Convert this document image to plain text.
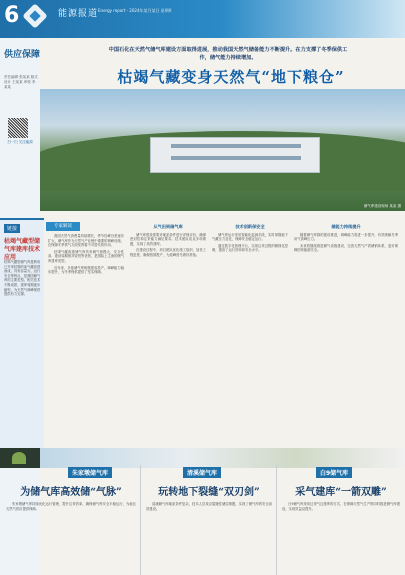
6	能源报道 Energy report · 2024年某月某日 星期X
供应保障
责任编辑 张某某 版式设计 王某某 审校 李某某
扫一扫 关注能源
中国石化在天然气储气库建设方面取得进展，推动我国天然气储备能力不断提升。在力支撑了冬季保供工作，储气能力持续增加。
枯竭气藏变身天然气“地下粮仓”
储气库建设现场 某某 摄
链接
枯竭气藏型储气库建库技术应用
枯竭气藏型储气库是利用已开采枯竭的油气藏改建而成，具有容量大、运行安全等特点，是我国储气库的主要类型。相关技术不断成熟，建库周期逐步缩短，为天然气调峰保供提供有力支撑。
专家解读

我国天然气消费量持续增长，季节性峰谷差逐年扩大，储气库作为天然气产业链中重要的调峰设施，在保障冬季供气方面发挥着不可替代的作用。

枯竭气藏改建储气库具有储气规模大、安全性高、建设周期相对较短等优势，是国际上主流的储气库建库类型。

近年来，多座储气库相继建成投产，调峰能力稳步提升，为冬季保供提供了坚实保障。

从气田到储气库

储气库建设需要对地质条件进行详细评价，确保密封性和注采能力满足要求。技术团队攻克多项难题，实现了高效建库。

在建设过程中，项目团队优化施工组织，加快工程进度，确保按期投产，为迎峰度冬做好准备。

技术创新保安全

储气库运行采用智能化监测手段，实时掌握地下气藏压力变化，保障安全稳定运行。

通过数字化管理平台，实现注采过程的精细化控制，提高了运行效率和安全水平。

储能力持续提升

随着储气库群的建设推进，调峰能力将进一步提升，有效缓解冬季用气高峰压力。

未来将继续推进储气设施建设，完善天然气产供储销体系，更好保障国家能源安全。

朱家墩储气库
为储气库高效储“气脉”

朱家墩储气库持续优化运行管理，提升注采效率，确保储气库安全平稳运行，为地区天然气供应提供保障。

清溪储气库
玩转地下裂缝“双刃剑”

清溪储气库地质条件复杂，技术人员攻克裂缝性储层难题，实现了储气库的安全高效建设。

白9储气库
采气建库“一箭双雕”

白9储气库采用边采气边建库的方式，在保障天然气生产的同时推进储气库建设，实现效益双提升。
